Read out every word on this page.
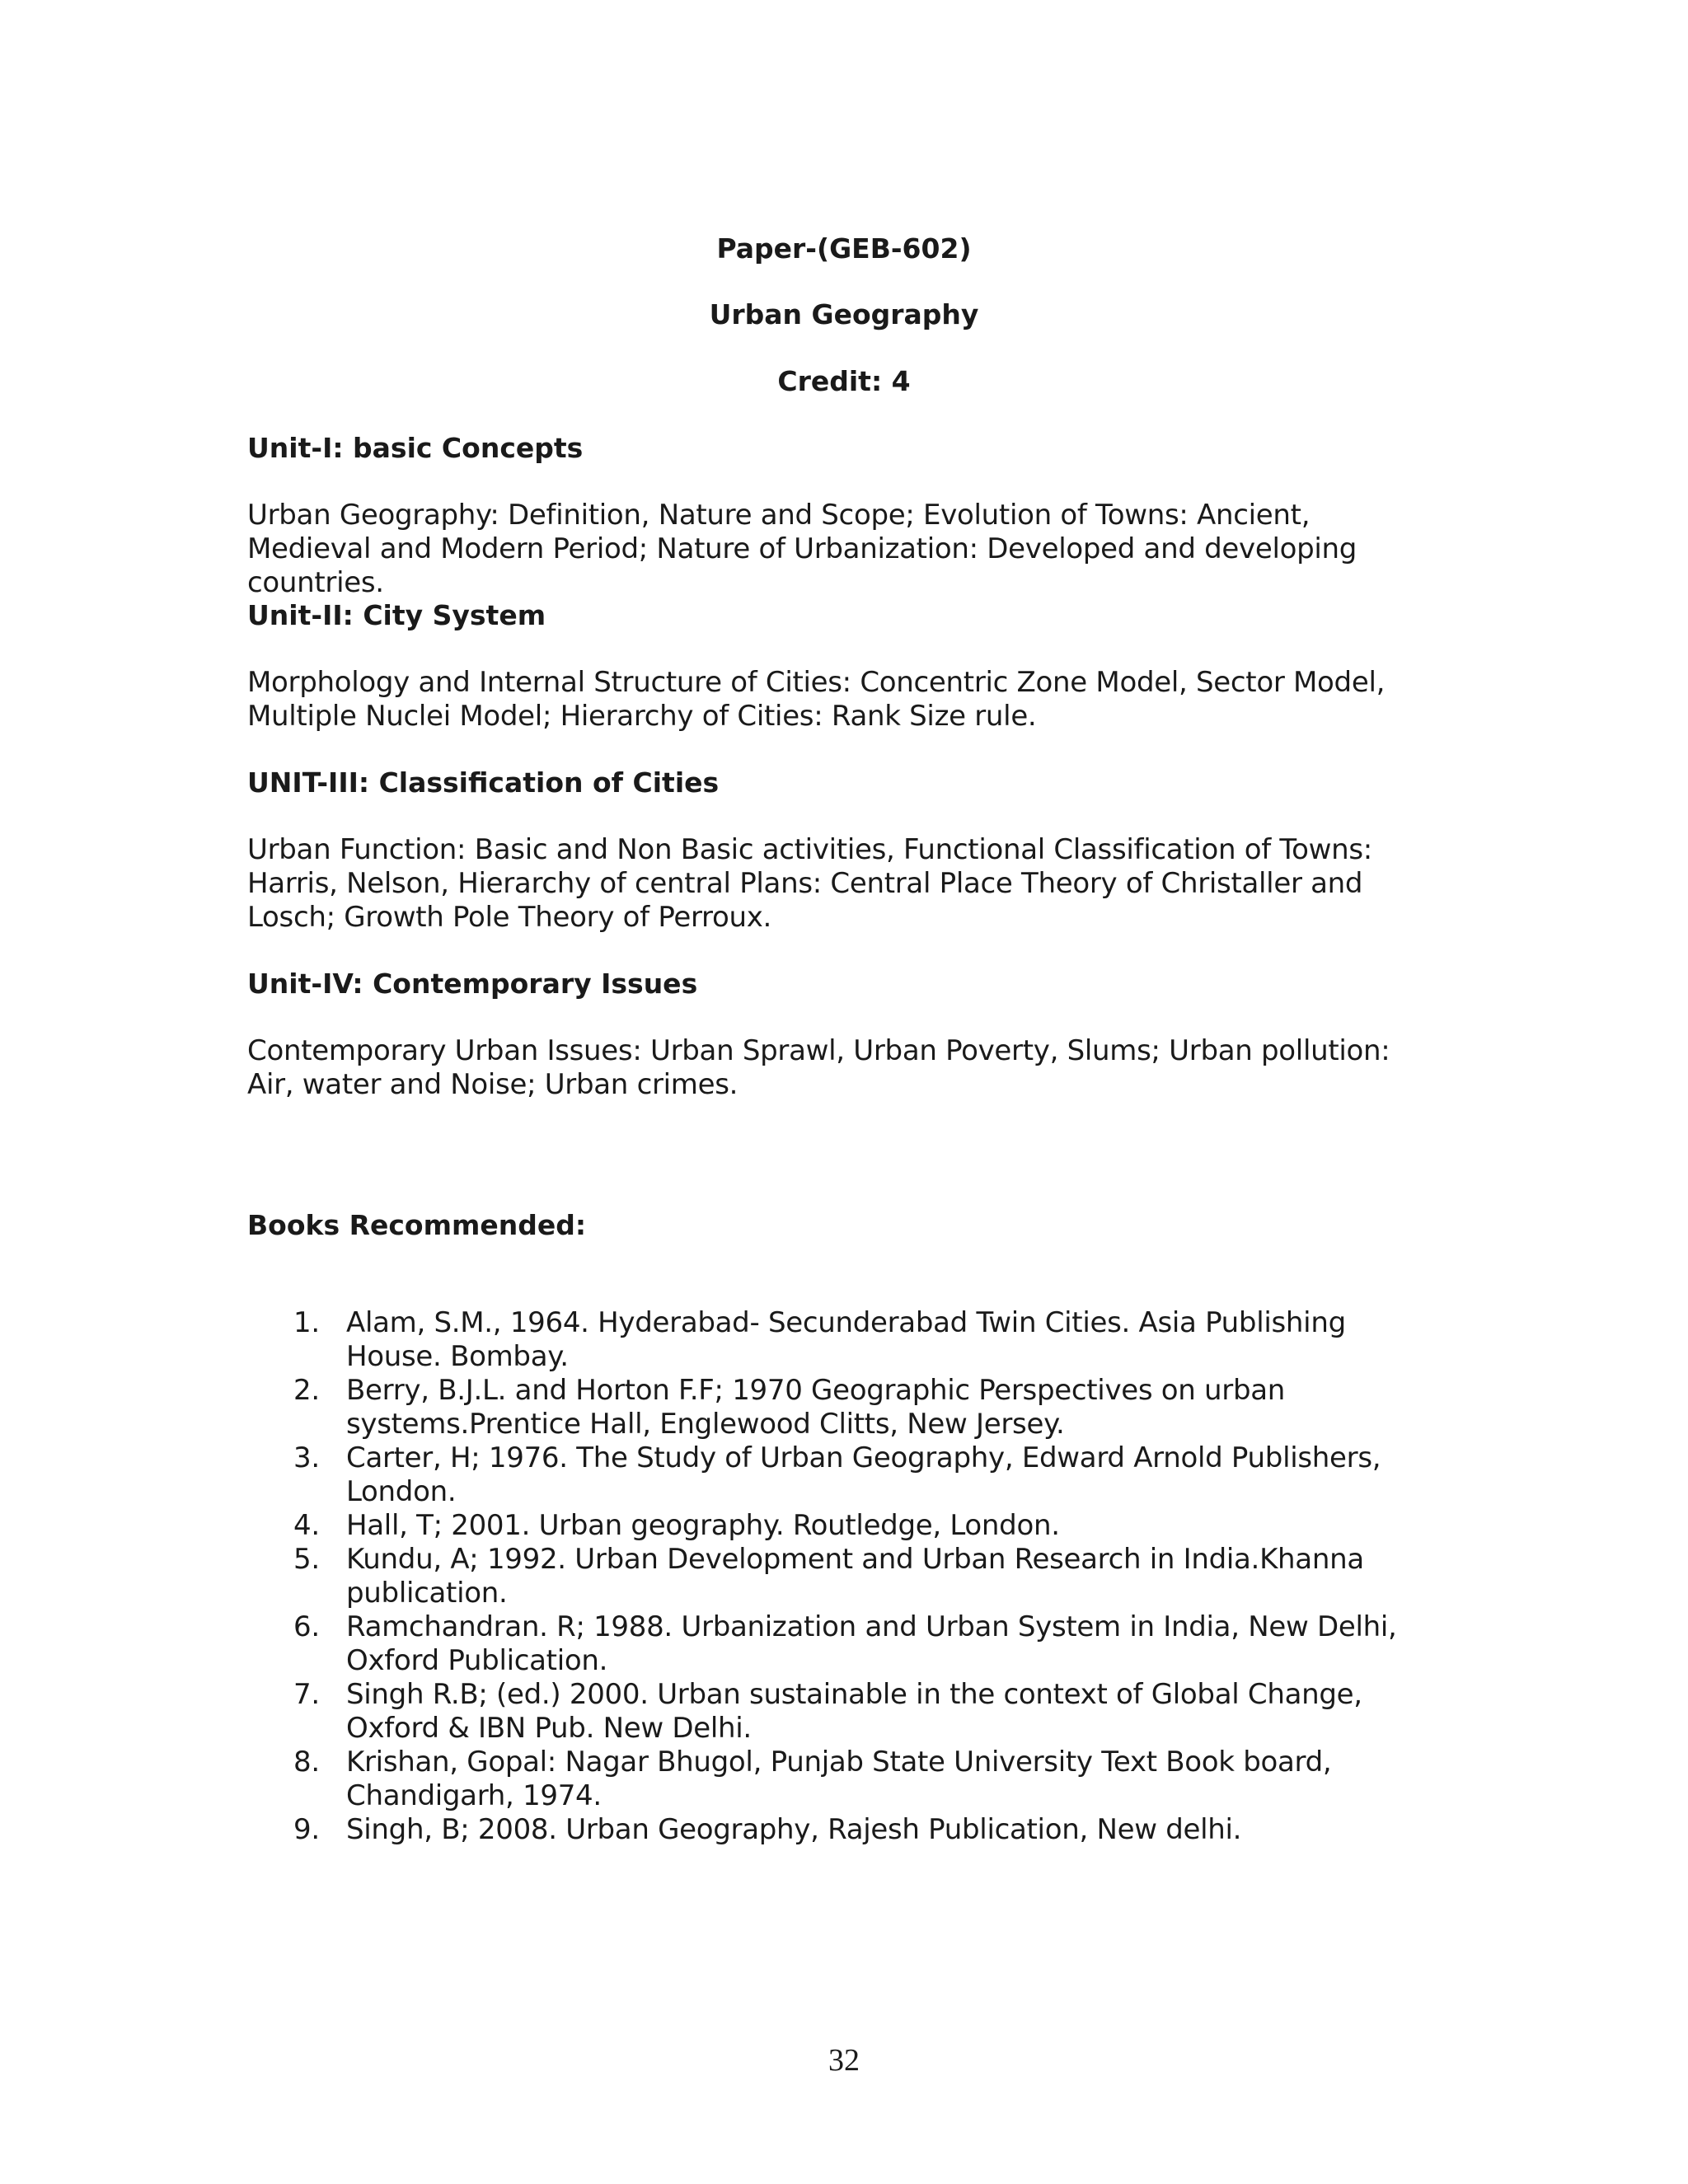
Paper-(GEB-602)
Urban Geography
Credit: 4
Unit-I: basic Concepts
Urban Geography: Definition, Nature and Scope; Evolution of Towns: Ancient, Medieval and Modern Period; Nature of Urbanization: Developed and developing countries.
Unit-II: City System
Morphology and Internal Structure of Cities: Concentric Zone Model, Sector Model, Multiple Nuclei Model; Hierarchy of Cities: Rank Size rule.
UNIT-III: Classification of Cities
Urban Function: Basic and Non Basic activities, Functional Classification of Towns: Harris, Nelson, Hierarchy of central Plans: Central Place Theory of Christaller and Losch; Growth Pole Theory of Perroux.
Unit-IV: Contemporary Issues
Contemporary Urban Issues: Urban Sprawl, Urban Poverty, Slums; Urban pollution: Air, water and Noise; Urban crimes.
Books Recommended:
1. Alam, S.M., 1964. Hyderabad- Secunderabad Twin Cities. Asia Publishing House. Bombay.
2. Berry, B.J.L. and Horton F.F; 1970 Geographic Perspectives on urban systems.Prentice Hall, Englewood Clitts, New Jersey.
3. Carter, H; 1976. The Study of Urban Geography, Edward Arnold Publishers, London.
4. Hall, T; 2001. Urban geography. Routledge, London.
5. Kundu, A; 1992. Urban Development and Urban Research in India.Khanna publication.
6. Ramchandran. R; 1988. Urbanization and Urban System in India, New Delhi, Oxford Publication.
7. Singh R.B; (ed.) 2000. Urban sustainable in the context of Global Change, Oxford & IBN Pub. New Delhi.
8. Krishan, Gopal: Nagar Bhugol, Punjab State University Text Book board, Chandigarh, 1974.
9. Singh, B; 2008. Urban Geography, Rajesh Publication, New delhi.
32
